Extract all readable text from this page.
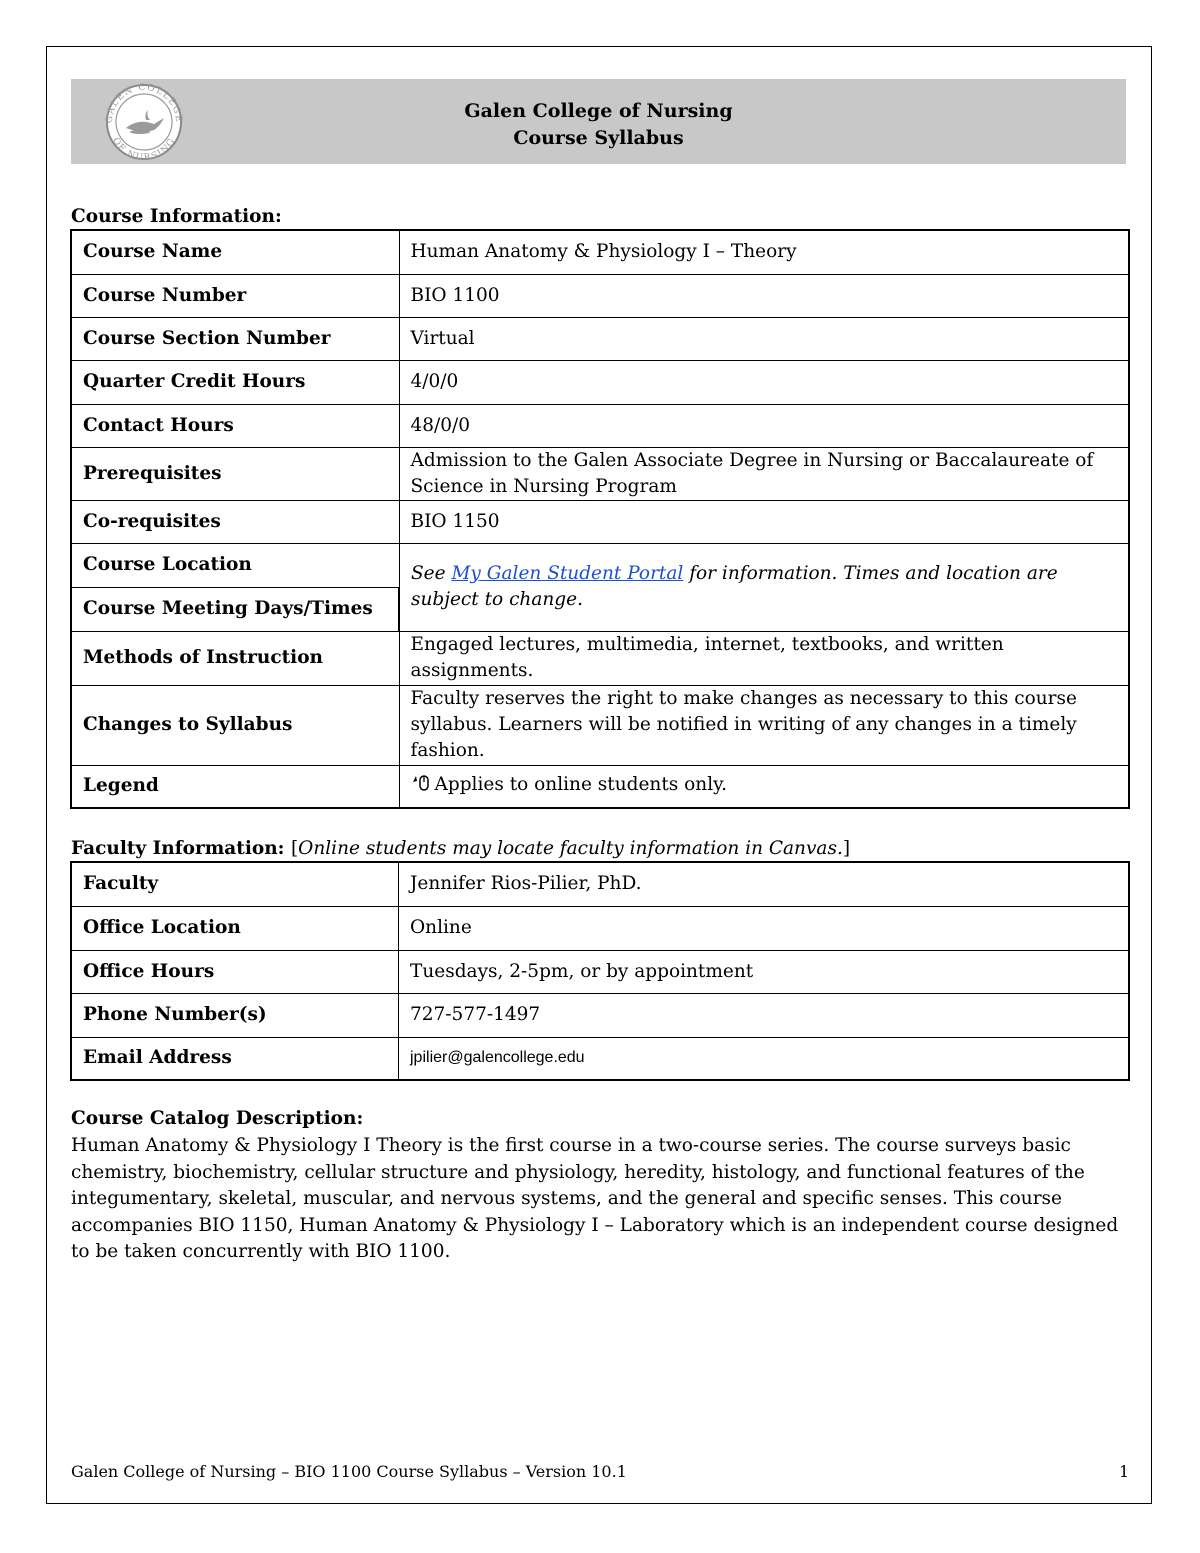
GALEN COLLEGE
OF NURSING
Galen College of Nursing
Course Syllabus
Course Information:
Course Name	Human Anatomy & Physiology I – Theory
Course Number	BIO 1100
Course Section Number	Virtual
Quarter Credit Hours	4/0/0
Contact Hours	48/0/0
Prerequisites	Admission to the Galen Associate Degree in Nursing or Baccalaureate of Science in Nursing Program
Co-requisites	BIO 1150
Course Location	See My Galen Student Portal for information. Times and location are subject to change.
Course Meeting Days/Times	
Methods of Instruction	Engaged lectures, multimedia, internet, textbooks, and written assignments.
Changes to Syllabus	Faculty reserves the right to make changes as necessary to this course syllabus. Learners will be notified in writing of any changes in a timely fashion.
Legend	Applies to online students only.
Faculty Information: [Online students may locate faculty information in Canvas.]
Faculty	Jennifer Rios-Pilier, PhD.
Office Location	Online
Office Hours	Tuesdays, 2-5pm, or by appointment
Phone Number(s)	727-577-1497
Email Address	jpilier@galencollege.edu
Course Catalog Description:
Human Anatomy & Physiology I Theory is the first course in a two-course series. The course surveys basic chemistry, biochemistry, cellular structure and physiology, heredity, histology, and functional features of the integumentary, skeletal, muscular, and nervous systems, and the general and specific senses. This course accompanies BIO 1150, Human Anatomy & Physiology I – Laboratory which is an independent course designed to be taken concurrently with BIO 1100.
Galen College of Nursing – BIO 1100 Course Syllabus – Version 10.1	1
